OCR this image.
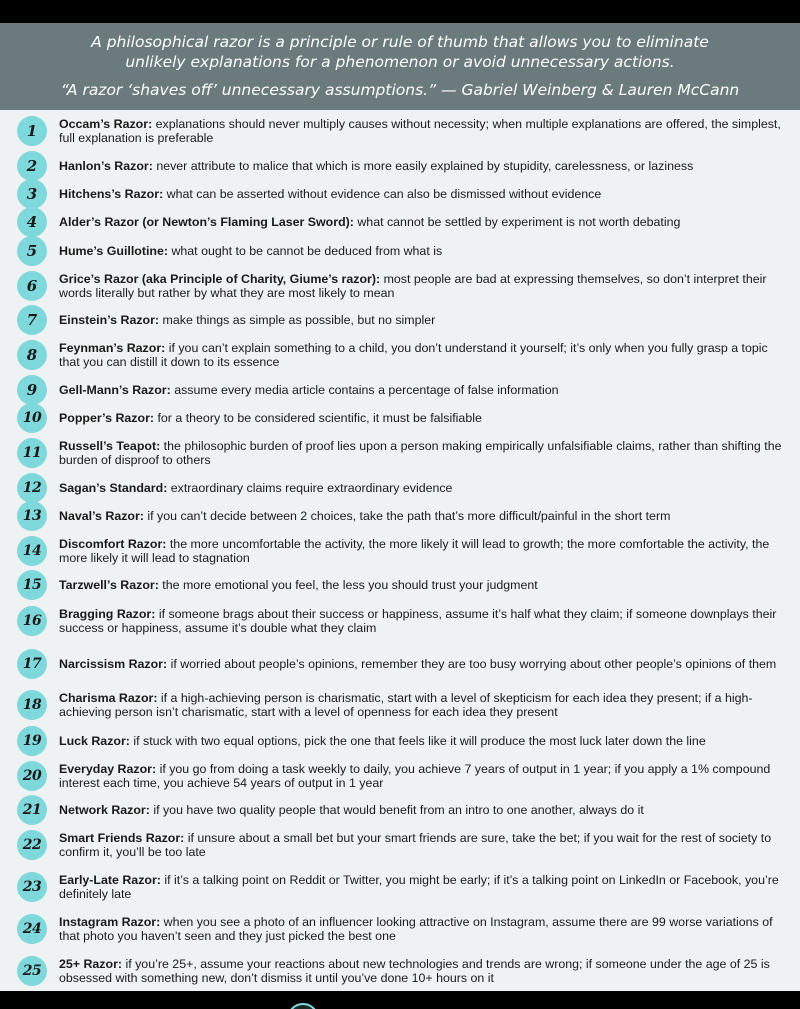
A philosophical razor is a principle or rule of thumb that allows you to eliminate unlikely explanations for a phenomenon or avoid unnecessary actions.
“A razor ‘shaves off’ unnecessary assumptions.” — Gabriel Weinberg & Lauren McCann
1	Occam’s Razor: explanations should never multiply causes without necessity; when multiple explanations are offered, the simplest, full explanation is preferable
2	Hanlon’s Razor: never attribute to malice that which is more easily explained by stupidity, carelessness, or laziness
3	Hitchens’s Razor: what can be asserted without evidence can also be dismissed without evidence
4	Alder’s Razor (or Newton’s Flaming Laser Sword): what cannot be settled by experiment is not worth debating
5	Hume’s Guillotine: what ought to be cannot be deduced from what is
6	Grice’s Razor (aka Principle of Charity, Giume’s razor): most people are bad at expressing themselves, so don’t interpret their words literally but rather by what they are most likely to mean
7	Einstein’s Razor: make things as simple as possible, but no simpler
8	Feynman’s Razor: if you can’t explain something to a child, you don’t understand it yourself; it’s only when you fully grasp a topic that you can distill it down to its essence
9	Gell-Mann’s Razor: assume every media article contains a percentage of false information
10	Popper’s Razor: for a theory to be considered scientific, it must be falsifiable
11	Russell’s Teapot: the philosophic burden of proof lies upon a person making empirically unfalsifiable claims, rather than shifting the burden of disproof to others
12	Sagan’s Standard: extraordinary claims require extraordinary evidence
13	Naval’s Razor: if you can’t decide between 2 choices, take the path that’s more difficult/painful in the short term
14	Discomfort Razor: the more uncomfortable the activity, the more likely it will lead to growth; the more comfortable the activity, the more likely it will lead to stagnation
15	Tarzwell’s Razor: the more emotional you feel, the less you should trust your judgment
16	Bragging Razor: if someone brags about their success or happiness, assume it’s half what they claim; if someone downplays their success or happiness, assume it’s double what they claim
17	Narcissism Razor: if worried about people’s opinions, remember they are too busy worrying about other people’s opinions of them
18	Charisma Razor: if a high-achieving person is charismatic, start with a level of skepticism for each idea they present; if a high-achieving person isn’t charismatic, start with a level of openness for each idea they present
19	Luck Razor: if stuck with two equal options, pick the one that feels like it will produce the most luck later down the line
20	Everyday Razor: if you go from doing a task weekly to daily, you achieve 7 years of output in 1 year; if you apply a 1% compound interest each time, you achieve 54 years of output in 1 year
21	Network Razor: if you have two quality people that would benefit from an intro to one another, always do it
22	Smart Friends Razor: if unsure about a small bet but your smart friends are sure, take the bet; if you wait for the rest of society to confirm it, you’ll be too late
23	Early-Late Razor: if it’s a talking point on Reddit or Twitter, you might be early; if it’s a talking point on LinkedIn or Facebook, you’re definitely late
24	Instagram Razor: when you see a photo of an influencer looking attractive on Instagram, assume there are 99 worse variations of that photo you haven’t seen and they just picked the best one
25	25+ Razor: if you’re 25+, assume your reactions about new technologies and trends are wrong; if someone under the age of 25 is obsessed with something new, don’t dismiss it until you’ve done 10+ hours on it
